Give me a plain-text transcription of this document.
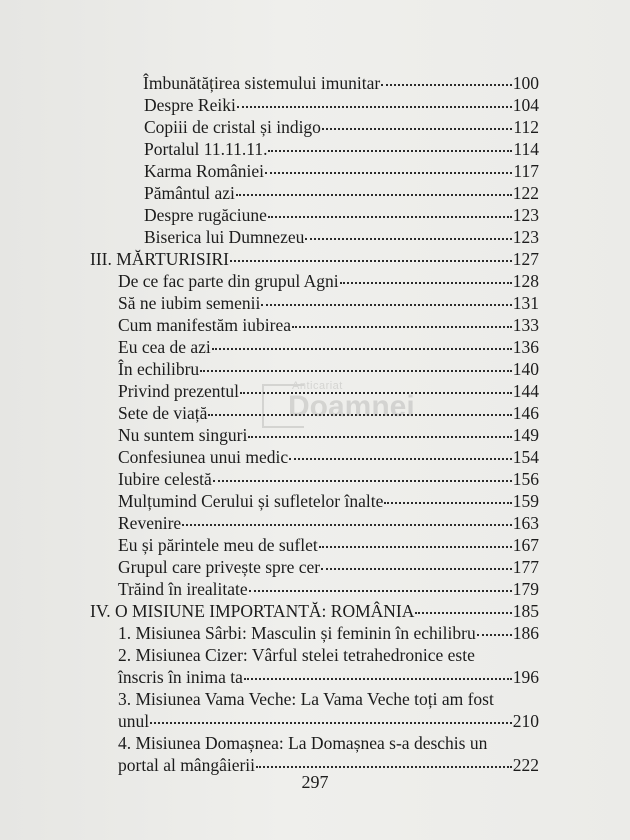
Îmbunătățirea sistemului imunitar	100
Despre Reiki	104
Copiii de cristal și indigo	112
Portalul 11.11.11.	114
Karma României	117
Pământul azi	122
Despre rugăciune	123
Biserica lui Dumnezeu	123
III. MĂRTURISIRI	127
De ce fac parte din grupul Agni	128
Să ne iubim semenii	131
Cum manifestăm iubirea	133
Eu cea de azi	136
În echilibru	140
Privind prezentul	144
Sete de viață	146
Nu suntem singuri	149
Confesiunea unui medic	154
Iubire celestă	156
Mulțumind Cerului și sufletelor înalte	159
Revenire	163
Eu și părintele meu de suflet	167
Grupul care privește spre cer	177
Trăind în irealitate	179
IV. O MISIUNE IMPORTANTĂ: ROMÂNIA	185
1. Misiunea Sârbi: Masculin și feminin în echilibru 186
2. Misiunea Cizer: Vârful stelei tetrahedronice este
înscris în inima ta	196
3. Misiunea Vama Veche: La Vama Veche toți am fost
unul	210
4. Misiunea Domașnea: La Domașnea s-a deschis un
portal al mângâierii	222
Anticariat
Doamnei
297
